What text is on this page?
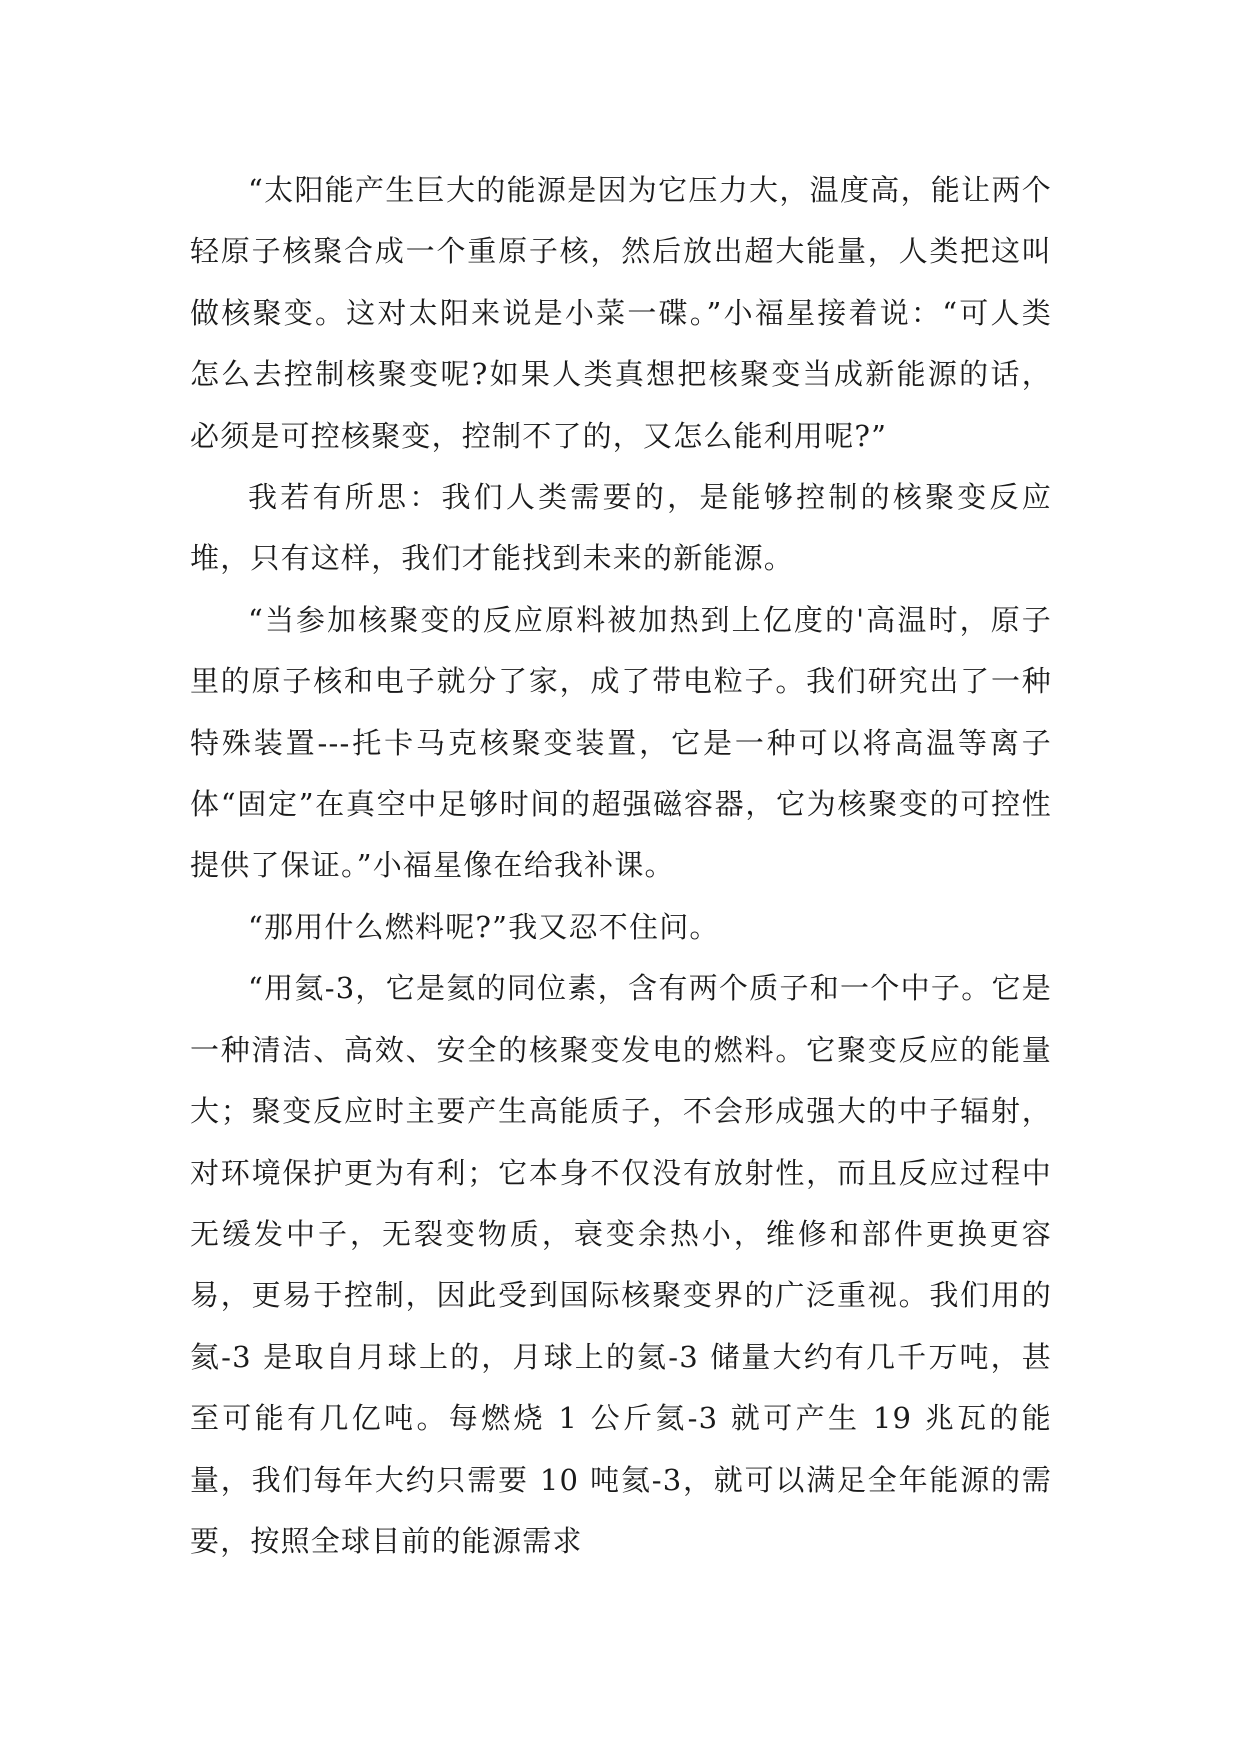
“太阳能产生巨大的能源是因为它压力大，温度高，能让两个轻原子核聚合成一个重原子核，然后放出超大能量，人类把这叫做核聚变。这对太阳来说是小菜一碟。”小福星接着说：“可人类怎么去控制核聚变呢?如果人类真想把核聚变当成新能源的话，必须是可控核聚变，控制不了的，又怎么能利用呢?”

我若有所思：我们人类需要的，是能够控制的核聚变反应堆，只有这样，我们才能找到未来的新能源。

“当参加核聚变的反应原料被加热到上亿度的'高温时，原子里的原子核和电子就分了家，成了带电粒子。我们研究出了一种特殊装置---托卡马克核聚变装置，它是一种可以将高温等离子体“固定”在真空中足够时间的超强磁容器，它为核聚变的可控性提供了保证。”小福星像在给我补课。

“那用什么燃料呢?”我又忍不住问。

“用氦-3，它是氦的同位素，含有两个质子和一个中子。它是一种清洁、高效、安全的核聚变发电的燃料。它聚变反应的能量大；聚变反应时主要产生高能质子，不会形成强大的中子辐射，对环境保护更为有利；它本身不仅没有放射性，而且反应过程中无缓发中子，无裂变物质，衰变余热小，维修和部件更换更容易，更易于控制，因此受到国际核聚变界的广泛重视。我们用的氦-3 是取自月球上的，月球上的氦-3 储量大约有几千万吨，甚至可能有几亿吨。每燃烧 1 公斤氦-3 就可产生 19 兆瓦的能量，我们每年大约只需要 10 吨氦-3，就可以满足全年能源的需要，按照全球目前的能源需求
